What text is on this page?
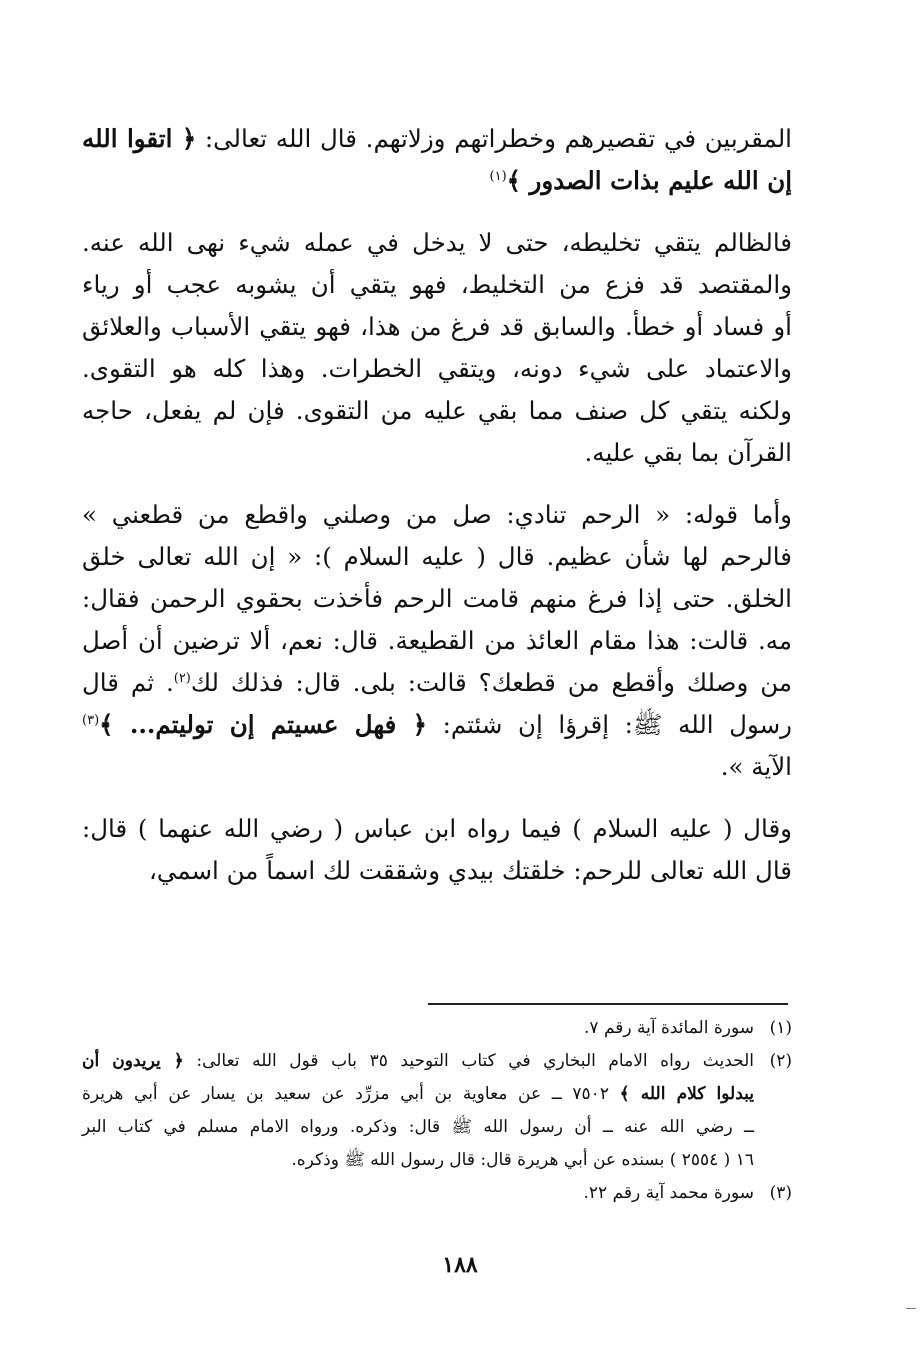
المقربين في تقصيرهم وخطراتهم وزلاتهم. قال الله تعالى: ﴿ اتقوا الله
إن الله عليم بذات الصدور ﴾$^{(١)}$
فالظالم يتقي تخليطه، حتى لا يدخل في عمله شيء نهى الله عنه.
والمقتصد قد فزع من التخليط، فهو يتقي أن يشوبه عجب أو رياء
أو فساد أو خطأ. والسابق قد فرغ من هذا، فهو يتقي الأسباب والعلائق
والاعتماد على شيء دونه، ويتقي الخطرات. وهذا كله هو التقوى.
ولكنه يتقي كل صنف مما بقي عليه من التقوى. فإن لم يفعل، حاجه
القرآن بما بقي عليه.
وأما قوله: « الرحم تنادي: صل من وصلني واقطع من قطعني »
فالرحم لها شأن عظيم. قال ( عليه السلام ): « إن الله تعالى خلق
الخلق. حتى إذا فرغ منهم قامت الرحم فأخذت بحقوي الرحمن فقال:
مه. قالت: هذا مقام العائذ من القطيعة. قال: نعم، ألا ترضين أن أصل
من وصلك وأقطع من قطعك؟ قالت: بلى. قال: فذلك لك$^{(٢)}$. ثم قال
رسول الله ﷺ: إقرؤا إن شئتم: ﴿ فهل عسيتم إن توليتم... ﴾$^{(٣)}$
الآية ».
وقال ( عليه السلام ) فيما رواه ابن عباس ( رضي الله عنهما ) قال:
قال الله تعالى للرحم: خلقتك بيدي وشققت لك اسماً من اسمي،
(١)
سورة المائدة آية رقم ٧.
(٢)
الحديث رواه الامام البخاري في كتاب التوحيد ٣٥ باب قول الله تعالى: ﴿ يريدون أن
يبدلوا كلام الله ﴾ ٧٥٠٢ ــ عن معاوية بن أبي مزرِّد عن سعيد بن يسار عن أبي هريرة
ــ رضي الله عنه ــ أن رسول الله ﷺ قال: وذكره. ورواه الامام مسلم في كتاب البر
١٦ ( ٢٥٥٤ ) بسنده عن أبي هريرة قال: قال رسول الله ﷺ وذكره.
(٣)
سورة محمد آية رقم ٢٢.
١٨٨
